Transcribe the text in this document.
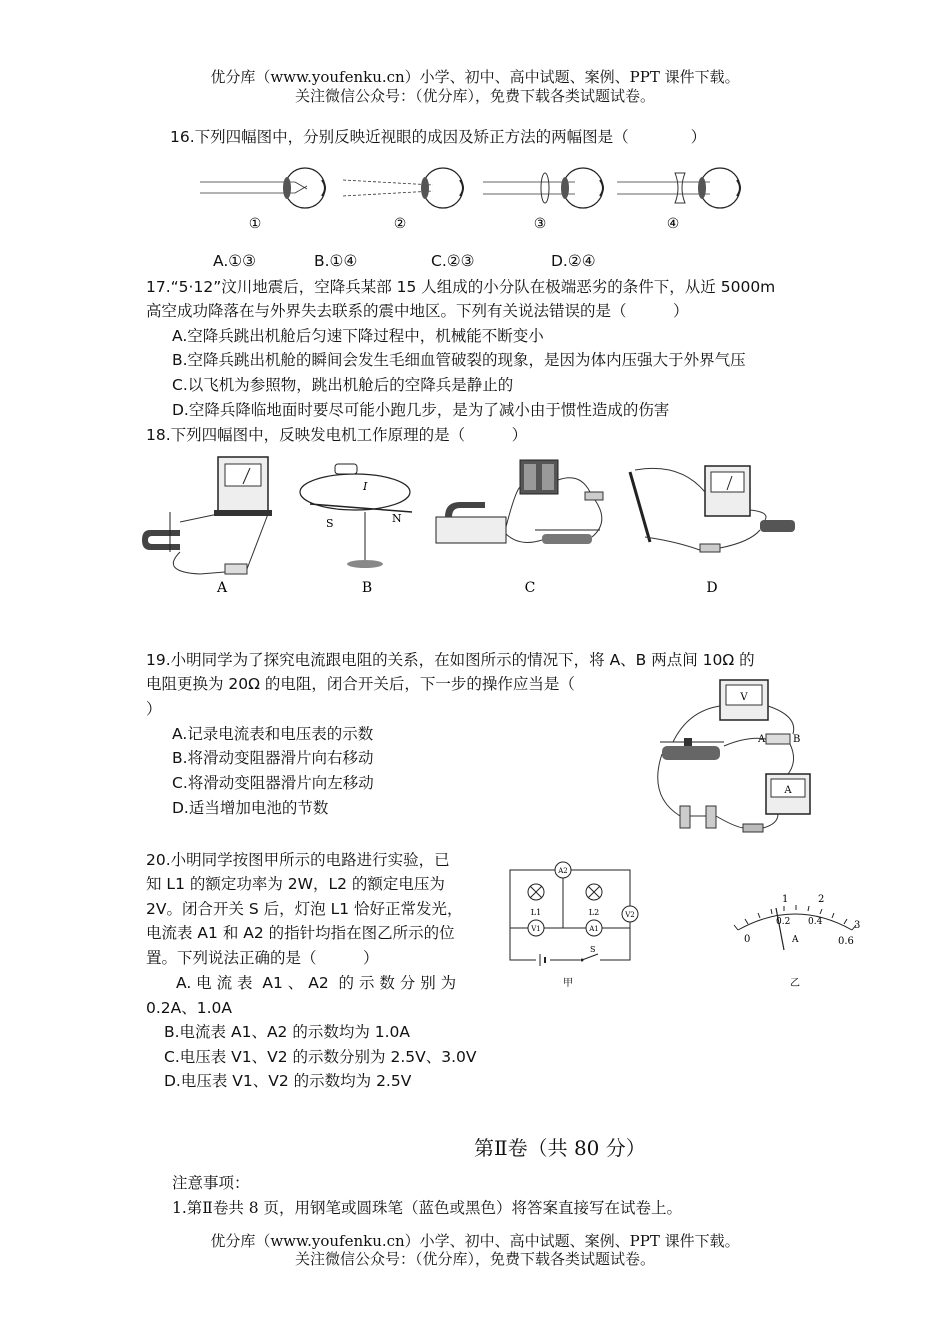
优分库（www.youfenku.cn）小学、初中、高中试题、案例、PPT 课件下载。
关注微信公众号：（优分库），免费下载各类试题试卷。
16.下列四幅图中，分别反映近视眼的成因及矫正方法的两幅图是（　　　　）
①	②	③	④
A.①③	B.①④	C.②③	D.②④
17.“5·12”汶川地震后，空降兵某部 15 人组成的小分队在极端恶劣的条件下，从近 5000m
高空成功降落在与外界失去联系的震中地区。下列有关说法错误的是（　　　）
A.空降兵跳出机舱后匀速下降过程中，机械能不断变小
B.空降兵跳出机舱的瞬间会发生毛细血管破裂的现象，是因为体内压强大于外界气压
C.以飞机为参照物，跳出机舱后的空降兵是静止的
D.空降兵降临地面时要尽可能小跑几步，是为了减小由于惯性造成的伤害
18.下列四幅图中，反映发电机工作原理的是（　　　）
A
S	N
I
B	C	D
19.小明同学为了探究电流跟电阻的关系，在如图所示的情况下，将 A、B 两点间 10Ω 的
电阻更换为 20Ω 的电阻，闭合开关后，下一步的操作应当是（
）
A.记录电流表和电压表的示数
B.将滑动变阻器滑片向右移动
C.将滑动变阻器滑片向左移动
D.适当增加电池的节数
V
A	B
A
20.小明同学按图甲所示的电路进行实验，已
知 L1 的额定功率为 2W，L2 的额定电压为
2V。闭合开关 S 后，灯泡 L1 恰好正常发光，
电流表 A1 和 A2 的指针均指在图乙所示的位
置。下列说法正确的是（　　　）
A. 电 流 表  A1 、 A2  的 示 数 分 别 为
0.2A、1.0A
B.电流表 A1、A2 的示数均为 1.0A
C.电压表 V1、V2 的示数分别为 2.5V、3.0V
D.电压表 V1、V2 的示数均为 2.5V
A2
L1	L2	V2
V1	A1
S
甲
0
0.2 0.4
0.6
1	2
3
A
乙
第Ⅱ卷（共 80 分）
注意事项：
1.第Ⅱ卷共 8 页，用钢笔或圆珠笔（蓝色或黑色）将答案直接写在试卷上。
优分库（www.youfenku.cn）小学、初中、高中试题、案例、PPT 课件下载。
关注微信公众号：（优分库），免费下载各类试题试卷。
